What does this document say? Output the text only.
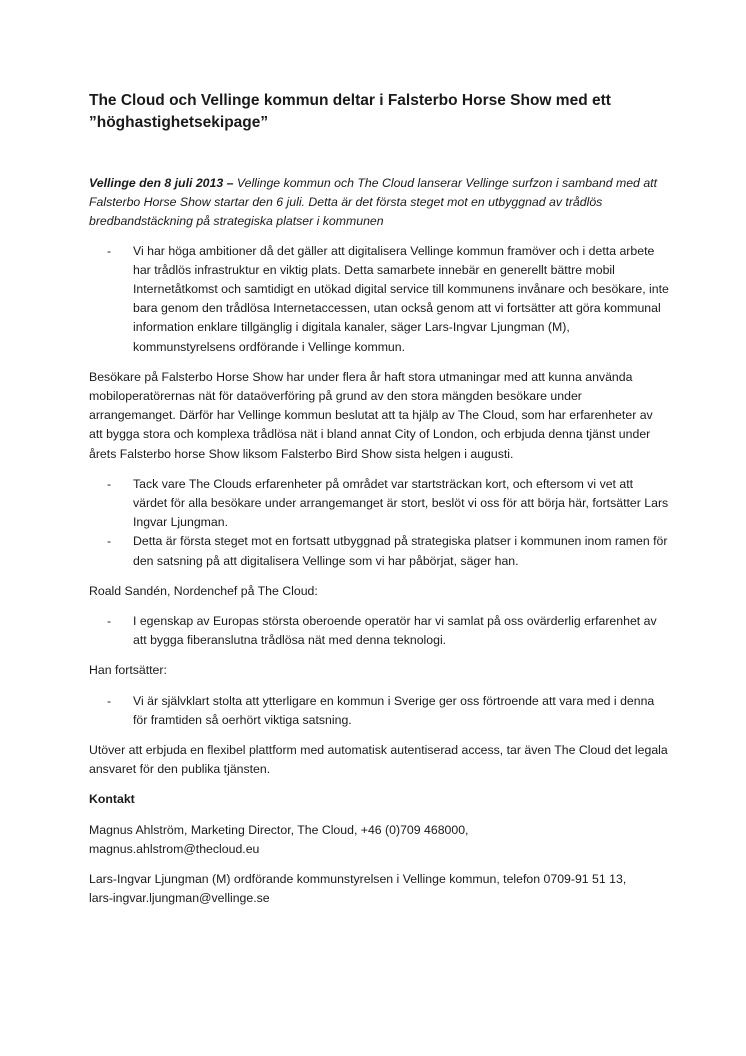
The Cloud och Vellinge kommun deltar i Falsterbo Horse Show med ett ”höghastighetsekipage”

Vellinge den 8 juli 2013 – Vellinge kommun och The Cloud lanserar Vellinge surfzon i samband med att Falsterbo Horse Show startar den 6 juli. Detta är det första steget mot en utbyggnad av trådlös bredbandstäckning på strategiska platser i kommunen

-	Vi har höga ambitioner då det gäller att digitalisera Vellinge kommun framöver och i detta arbete har trådlös infrastruktur en viktig plats. Detta samarbete innebär en generellt bättre mobil Internetåtkomst och samtidigt en utökad digital service till kommunens invånare och besökare, inte bara genom den trådlösa Internetaccessen, utan också genom att vi fortsätter att göra kommunal information enklare tillgänglig i digitala kanaler, säger Lars-Ingvar Ljungman (M), kommunstyrelsens ordförande i Vellinge kommun.

Besökare på Falsterbo Horse Show har under flera år haft stora utmaningar med att kunna använda mobiloperatörernas nät för dataöverföring på grund av den stora mängden besökare under arrangemanget. Därför har Vellinge kommun beslutat att ta hjälp av The Cloud, som har erfarenheter av att bygga stora och komplexa trådlösa nät i bland annat City of London, och erbjuda denna tjänst under årets Falsterbo horse Show liksom Falsterbo Bird Show sista helgen i augusti.

-	Tack vare The Clouds erfarenheter på området var startsträckan kort, och eftersom vi vet att värdet för alla besökare under arrangemanget är stort, beslöt vi oss för att börja här, fortsätter Lars Ingvar Ljungman.
-	Detta är första steget mot en fortsatt utbyggnad på strategiska platser i kommunen inom ramen för den satsning på att digitalisera Vellinge som vi har påbörjat, säger han.

Roald Sandén, Nordenchef på The Cloud:

-	I egenskap av Europas största oberoende operatör har vi samlat på oss ovärderlig erfarenhet av att bygga fiberanslutna trådlösa nät med denna teknologi.

Han fortsätter:

-	Vi är självklart stolta att ytterligare en kommun i Sverige ger oss förtroende att vara med i denna för framtiden så oerhört viktiga satsning.

Utöver att erbjuda en flexibel plattform med automatisk autentiserad access, tar även The Cloud det legala ansvaret för den publika tjänsten.

Kontakt

Magnus Ahlström, Marketing Director, The Cloud, +46 (0)709 468000,
magnus.ahlstrom@thecloud.eu

Lars-Ingvar Ljungman (M) ordförande kommunstyrelsen i Vellinge kommun, telefon 0709-91 51 13,
lars-ingvar.ljungman@vellinge.se
